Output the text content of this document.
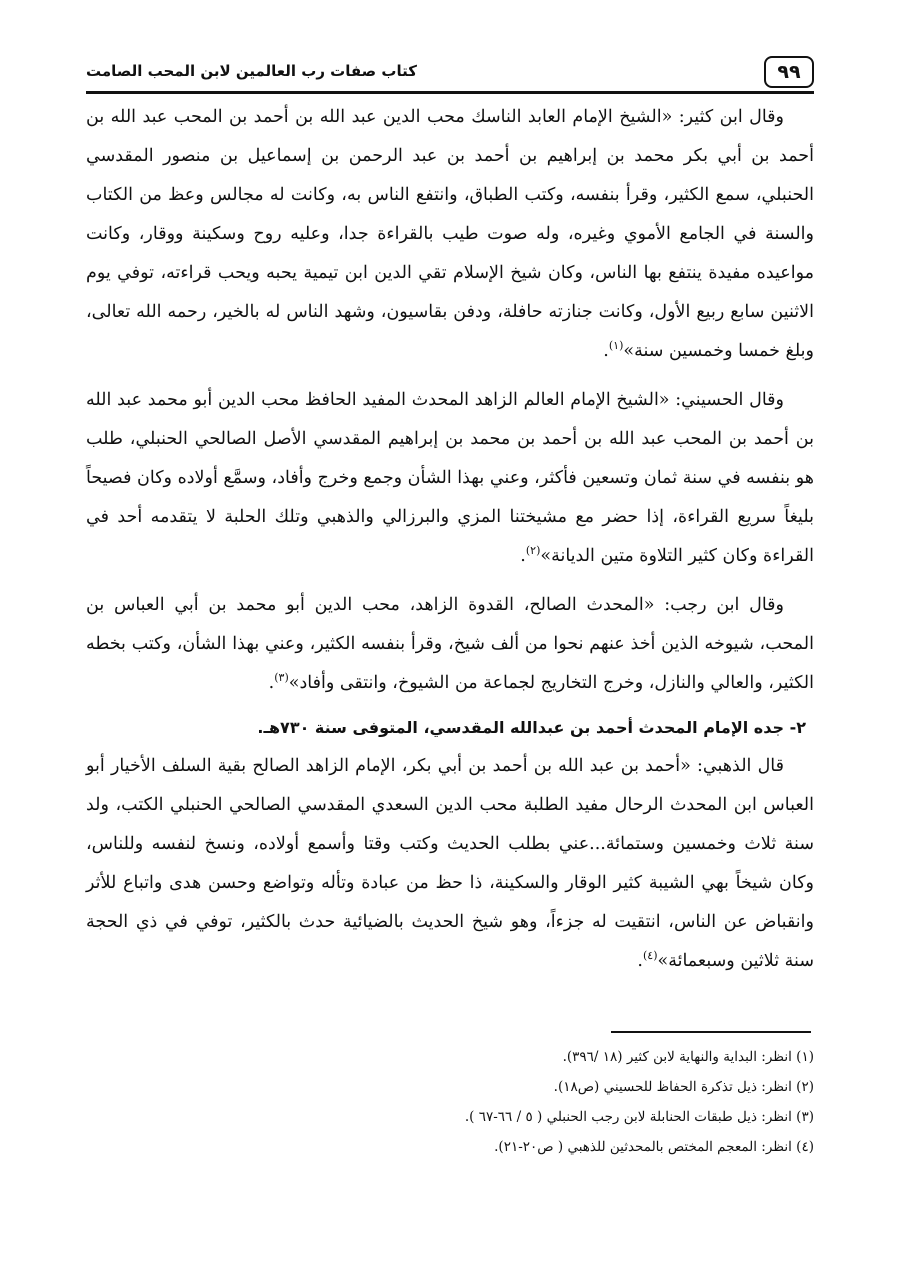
٩٩
كتاب صفات رب العالمين لابن المحب الصامت

وقال ابن كثير: «الشيخ الإمام العابد الناسك محب الدين عبد الله بن أحمد بن المحب عبد الله بن أحمد بن أبي بكر محمد بن إبراهيم بن أحمد بن عبد الرحمن بن إسماعيل بن منصور المقدسي الحنبلي، سمع الكثير، وقرأ بنفسه، وكتب الطباق، وانتفع الناس به، وكانت له مجالس وعظ من الكتاب والسنة في الجامع الأموي وغيره، وله صوت طيب بالقراءة جدا، وعليه روح وسكينة ووقار، وكانت مواعيده مفيدة ينتفع بها الناس، وكان شيخ الإسلام تقي الدين ابن تيمية يحبه ويحب قراءته، توفي يوم الاثنين سابع ربيع الأول، وكانت جنازته حافلة، ودفن بقاسيون، وشهد الناس له بالخير، رحمه الله تعالى، وبلغ خمسا وخمسين سنة»$^{(١)}$.

وقال الحسيني: «الشيخ الإمام العالم الزاهد المحدث المفيد الحافظ محب الدين أبو محمد عبد الله بن أحمد بن المحب عبد الله بن أحمد بن محمد بن إبراهيم المقدسي الأصل الصالحي الحنبلي، طلب هو بنفسه في سنة ثمان وتسعين فأكثر، وعني بهذا الشأن وجمع وخرج وأفاد، وسمَّع أولاده وكان فصيحاً بليغاً سريع القراءة، إذا حضر مع مشيختنا المزي والبرزالي والذهبي وتلك الحلبة لا يتقدمه أحد في القراءة وكان كثير التلاوة متين الديانة»$^{(٢)}$.

وقال ابن رجب: «المحدث الصالح، القدوة الزاهد، محب الدين أبو محمد بن أبي العباس بن المحب، شيوخه الذين أخذ عنهم نحوا من ألف شيخ، وقرأ بنفسه الكثير، وعني بهذا الشأن، وكتب بخطه الكثير، والعالي والنازل، وخرج التخاريج لجماعة من الشيوخ، وانتقى وأفاد»$^{(٣)}$.

٢- جده الإمام المحدث أحمد بن عبدالله المقدسي، المتوفى سنة ٧٣٠هـ.

قال الذهبي: «أحمد بن عبد الله بن أحمد بن أبي بكر، الإمام الزاهد الصالح بقية السلف الأخيار أبو العباس ابن المحدث الرحال مفيد الطلبة محب الدين السعدي المقدسي الصالحي الحنبلي الكتب، ولد سنة ثلاث وخمسين وستمائة...عني بطلب الحديث وكتب وقتا وأسمع أولاده، ونسخ لنفسه وللناس، وكان شيخاً بهي الشيبة كثير الوقار والسكينة، ذا حظ من عبادة وتأله وتواضع وحسن هدى واتباع للأثر وانقباض عن الناس، انتقيت له جزءاً، وهو شيخ الحديث بالضيائية حدث بالكثير، توفي في ذي الحجة سنة ثلاثين وسبعمائة»$^{(٤)}$.

(١) انظر: البداية والنهاية لابن كثير (١٨ /٣٩٦).

(٢) انظر: ذيل تذكرة الحفاظ للحسيني (ص١٨).

(٣) انظر: ذيل طبقات الحنابلة لابن رجب الحنبلي ( ٥ / ٦٦-٦٧ ).

(٤) انظر: المعجم المختص بالمحدثين للذهبي ( ص٢٠-٢١).
